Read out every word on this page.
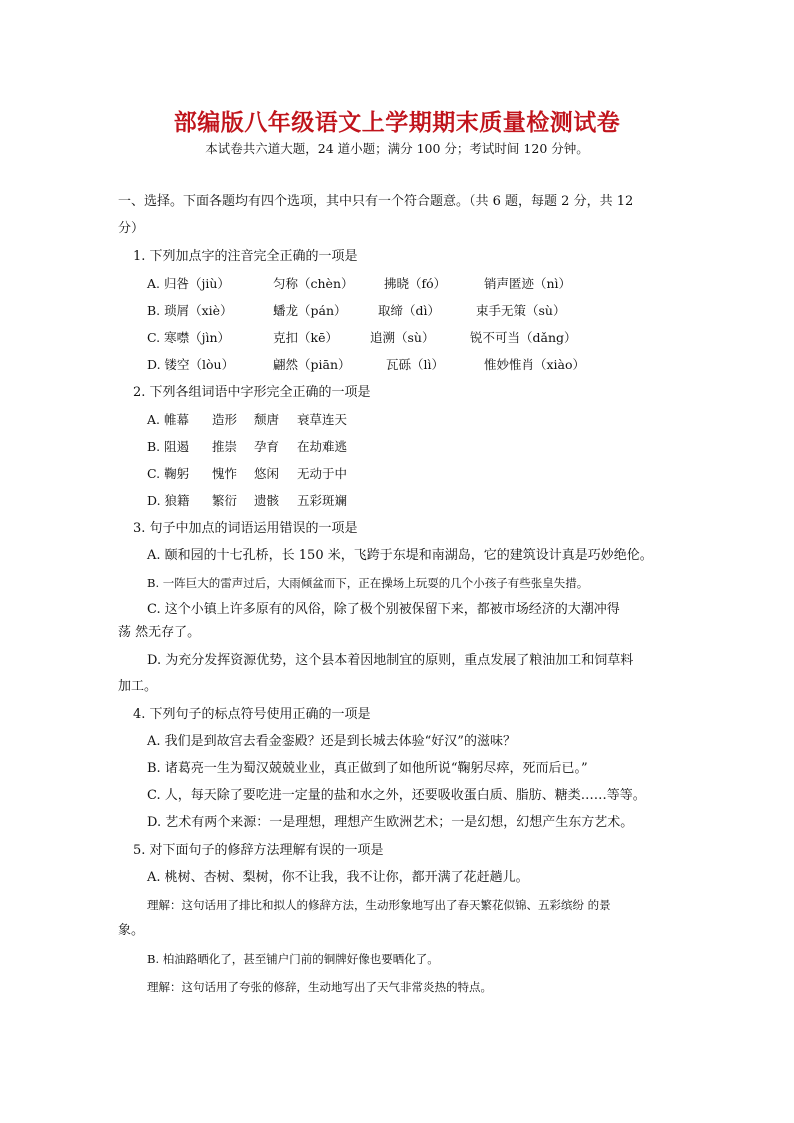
部编版八年级语文上学期期末质量检测试卷
本试卷共六道大题，24 道小题；满分 100 分；考试时间 120 分钟。
一、选择。下面各题均有四个选项，其中只有一个符合题意。（共 6 题，每题 2 分，共 12
分）
1. 下列加点字的注音完全正确的一项是
A. 归咎（jiù）	匀称（chèn） 拂晓（fó）	销声匿迹（nì）
B. 琐屑（xiè）	蟠龙（pán）	取缔（dì）	束手无策（sù）
C. 寒噤（jìn）	克扣（kē）	追溯（sù）	锐不可当（dǎng）
D. 镂空（lòu）	翩然（piān）	瓦砾（lì）	惟妙惟肖（xiào）
2. 下列各组词语中字形完全正确的一项是
A. 帷幕 造形 颓唐 衰草连天
B. 阻遏 推崇 孕育 在劫难逃
C. 鞠躬 愧怍 悠闲 无动于中
D. 狼籍 繁衍 遗骸 五彩斑斓
3. 句子中加点的词语运用错误的一项是
A. 颐和园的十七孔桥，长 150 米，飞跨于东堤和南湖岛，它的建筑设计真是巧妙绝伦。
B. 一阵巨大的雷声过后，大雨倾盆而下，正在操场上玩耍的几个小孩子有些张皇失措。
C. 这个小镇上许多原有的风俗，除了极个别被保留下来，都被市场经济的大潮冲得
荡 然无存了。
D. 为充分发挥资源优势，这个县本着因地制宜的原则，重点发展了粮油加工和饲草料
加工。
4. 下列句子的标点符号使用正确的一项是
A. 我们是到故宫去看金銮殿？还是到长城去体验“好汉”的滋味？
B. 诸葛亮一生为蜀汉兢兢业业，真正做到了如他所说“鞠躬尽瘁，死而后已。”
C. 人，每天除了要吃进一定量的盐和水之外，还要吸收蛋白质、脂肪、糖类……等等。
D. 艺术有两个来源：一是理想，理想产生欧洲艺术；一是幻想，幻想产生东方艺术。
5. 对下面句子的修辞方法理解有误的一项是
A. 桃树、杏树、梨树，你不让我，我不让你，都开满了花赶趟儿。
理解：这句话用了排比和拟人的修辞方法，生动形象地写出了春天繁花似锦、五彩缤纷 的景
象。
B. 柏油路晒化了，甚至铺户门前的铜牌好像也要晒化了。
理解：这句话用了夸张的修辞，生动地写出了天气非常炎热的特点。
